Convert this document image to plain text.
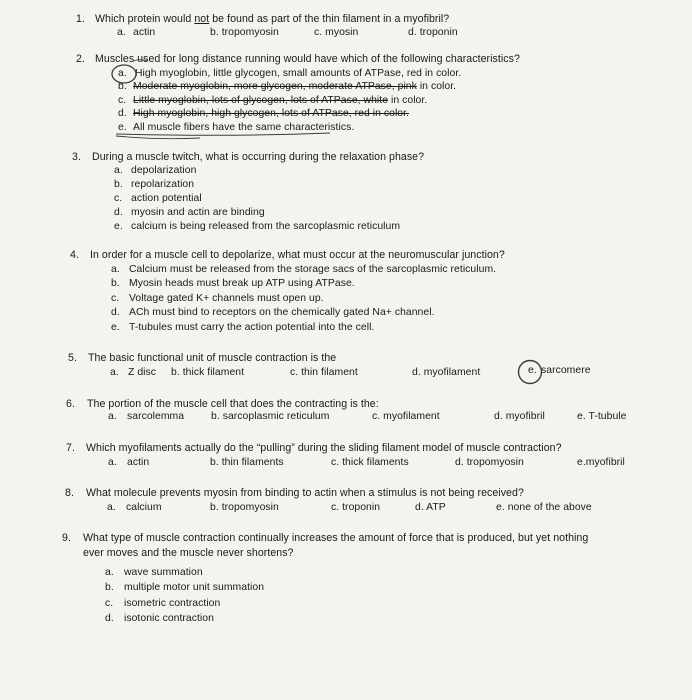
1. Which protein would not be found as part of the thin filament in a myofibril?
a. actin	b. tropomyosin	c. myosin	d. troponin
2. Muscles used for long distance running would have which of the following characteristics?
a. High myoglobin, little glycogen, small amounts of ATPase, red in color.
b. Moderate myoglobin, more glycogen, moderate ATPase, pink in color.
c. Little myoglobin, lots of glycogen, lots of ATPase, white in color.
d. High myoglobin, high glycogen, lots of ATPase, red in color.
e. All muscle fibers have the same characteristics.
3. During a muscle twitch, what is occurring during the relaxation phase?
a. depolarization
b. repolarization
c. action potential
d. myosin and actin are binding
e. calcium is being released from the sarcoplasmic reticulum
4. In order for a muscle cell to depolarize, what must occur at the neuromuscular junction?
a. Calcium must be released from the storage sacs of the sarcoplasmic reticulum.
b. Myosin heads must break up ATP using ATPase.
c. Voltage gated K+ channels must open up.
d. ACh must bind to receptors on the chemically gated Na+ channel.
e. T-tubules must carry the action potential into the cell.
5. The basic functional unit of muscle contraction is the
a. Z disc b. thick filament	c. thin filament	d. myofilament	e. sarcomere
6. The portion of the muscle cell that does the contracting is the:
a. sarcolemma	b. sarcoplasmic reticulum	c. myofilament	d. myofibril	e. T-tubule
7. Which myofilaments actually do the “pulling” during the sliding filament model of muscle contraction?
a. actin	b. thin filaments	c. thick filaments	d. tropomyosin	e.myofibril
8. What molecule prevents myosin from binding to actin when a stimulus is not being received?
a. calcium	b. tropomyosin	c. troponin	d. ATP	e. none of the above
9. What type of muscle contraction continually increases the amount of force that is produced, but yet nothing
ever moves and the muscle never shortens?
a. wave summation
b. multiple motor unit summation
c. isometric contraction
d. isotonic contraction
